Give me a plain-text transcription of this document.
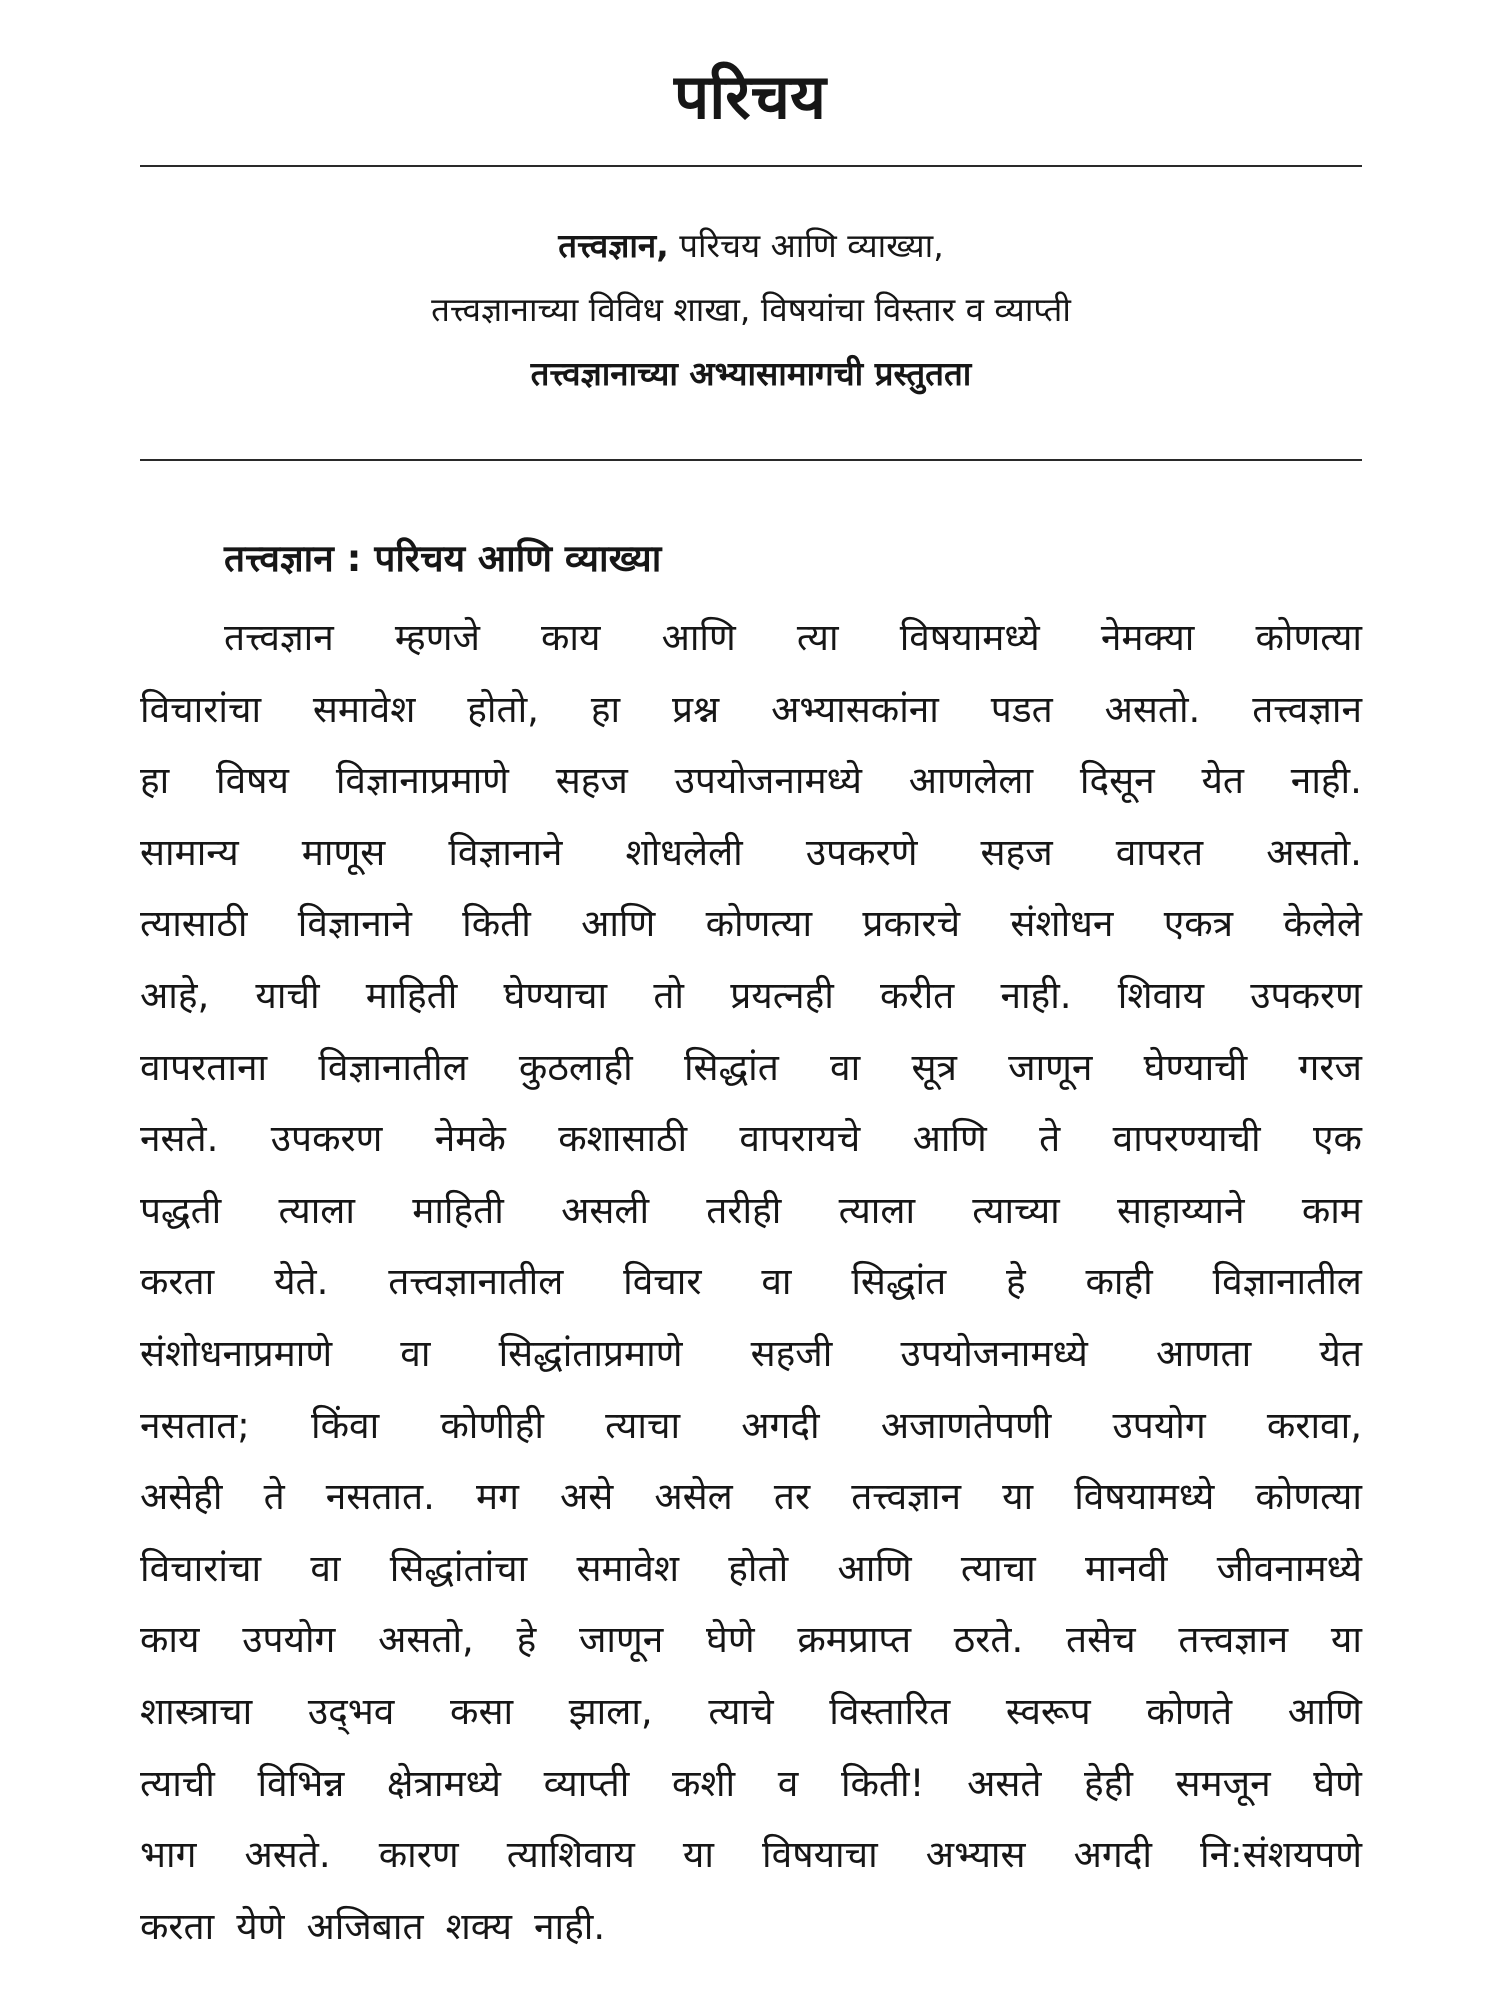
परिचय
तत्त्वज्ञान, परिचय आणि व्याख्या,
तत्त्वज्ञानाच्या विविध शाखा, विषयांचा विस्तार व व्याप्ती
तत्त्वज्ञानाच्या अभ्यासामागची प्रस्तुतता
तत्त्वज्ञान : परिचय आणि व्याख्या
तत्त्वज्ञान म्हणजे काय आणि त्या विषयामध्ये नेमक्या कोणत्या
विचारांचा समावेश होतो, हा प्रश्न अभ्यासकांना पडत असतो. तत्त्वज्ञान
हा विषय विज्ञानाप्रमाणे सहज उपयोजनामध्ये आणलेला दिसून येत नाही.
सामान्य माणूस विज्ञानाने शोधलेली उपकरणे सहज वापरत असतो.
त्यासाठी विज्ञानाने किती आणि कोणत्या प्रकारचे संशोधन एकत्र केलेले
आहे, याची माहिती घेण्याचा तो प्रयत्नही करीत नाही. शिवाय उपकरण
वापरताना विज्ञानातील कुठलाही सिद्धांत वा सूत्र जाणून घेण्याची गरज
नसते. उपकरण नेमके कशासाठी वापरायचे आणि ते वापरण्याची एक
पद्धती त्याला माहिती असली तरीही त्याला त्याच्या साहाय्याने काम
करता येते. तत्त्वज्ञानातील विचार वा सिद्धांत हे काही विज्ञानातील
संशोधनाप्रमाणे वा सिद्धांताप्रमाणे सहजी उपयोजनामध्ये आणता येत
नसतात; किंवा कोणीही त्याचा अगदी अजाणतेपणी उपयोग करावा,
असेही ते नसतात. मग असे असेल तर तत्त्वज्ञान या विषयामध्ये कोणत्या
विचारांचा वा सिद्धांतांचा समावेश होतो आणि त्याचा मानवी जीवनामध्ये
काय उपयोग असतो, हे जाणून घेणे क्रमप्राप्त ठरते. तसेच तत्त्वज्ञान या
शास्त्राचा उद्‌भव कसा झाला, त्याचे विस्तारित स्वरूप कोणते आणि
त्याची विभिन्न क्षेत्रामध्ये व्याप्ती कशी व किती! असते हेही समजून घेणे
भाग असते. कारण त्याशिवाय या विषयाचा अभ्यास अगदी नि:संशयपणे
करता येणे अजिबात शक्य नाही.
